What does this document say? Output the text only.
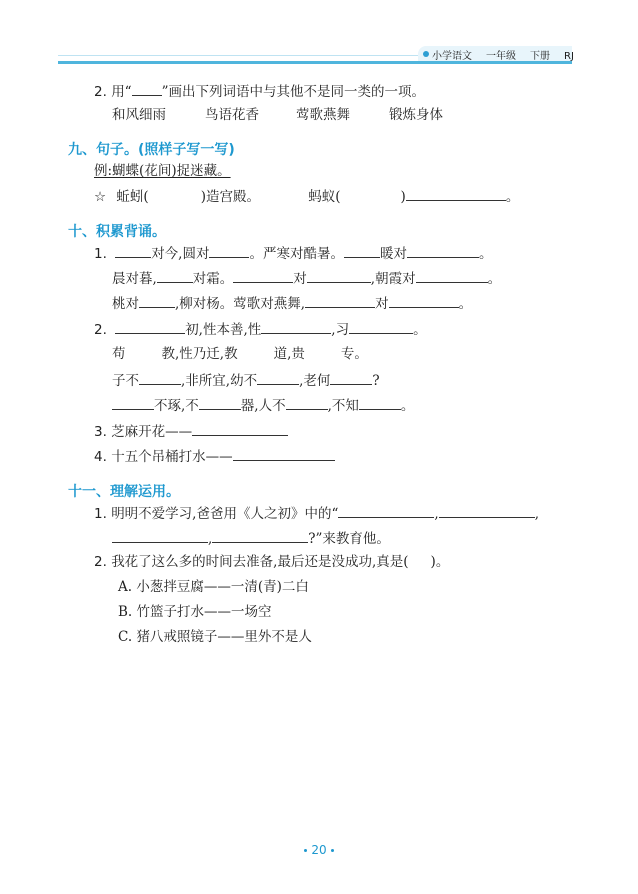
小学语文 一年级 下册 RJ
2. 用“ ”画出下列词语中与其他不是同一类的一项。
和风细雨	鸟语花香	莺歌燕舞	锻炼身体
九、句子。(照样子写一写)
例:蝴蝶(花间)捉迷藏。
☆ 蚯蚓(	)造宫殿。	蚂蚁(	)	。
十、积累背诵。
1.	对今,圆对	。严寒对酷暑。	暖对	。
晨对暮,	对霜。	对	,朝霞对	。
桃对	,柳对杨。莺歌对燕舞,	对	。
2.	初,性本善,性	,习	。
苟	教,性乃迁,教	道,贵	专。
子不	,非所宜,幼不	,老何	?
不琢,不	器,人不	,不知	。
3. 芝麻开花——
4. 十五个吊桶打水——
十一、理解运用。
1. 明明不爱学习,爸爸用《人之初》中的“	,	,
,	?”来教育他。
2. 我花了这么多的时间去准备,最后还是没成功,真是( )。
A. 小葱拌豆腐——一清(青)二白
B. 竹篮子打水——一场空
C. 猪八戒照镜子——里外不是人
20
